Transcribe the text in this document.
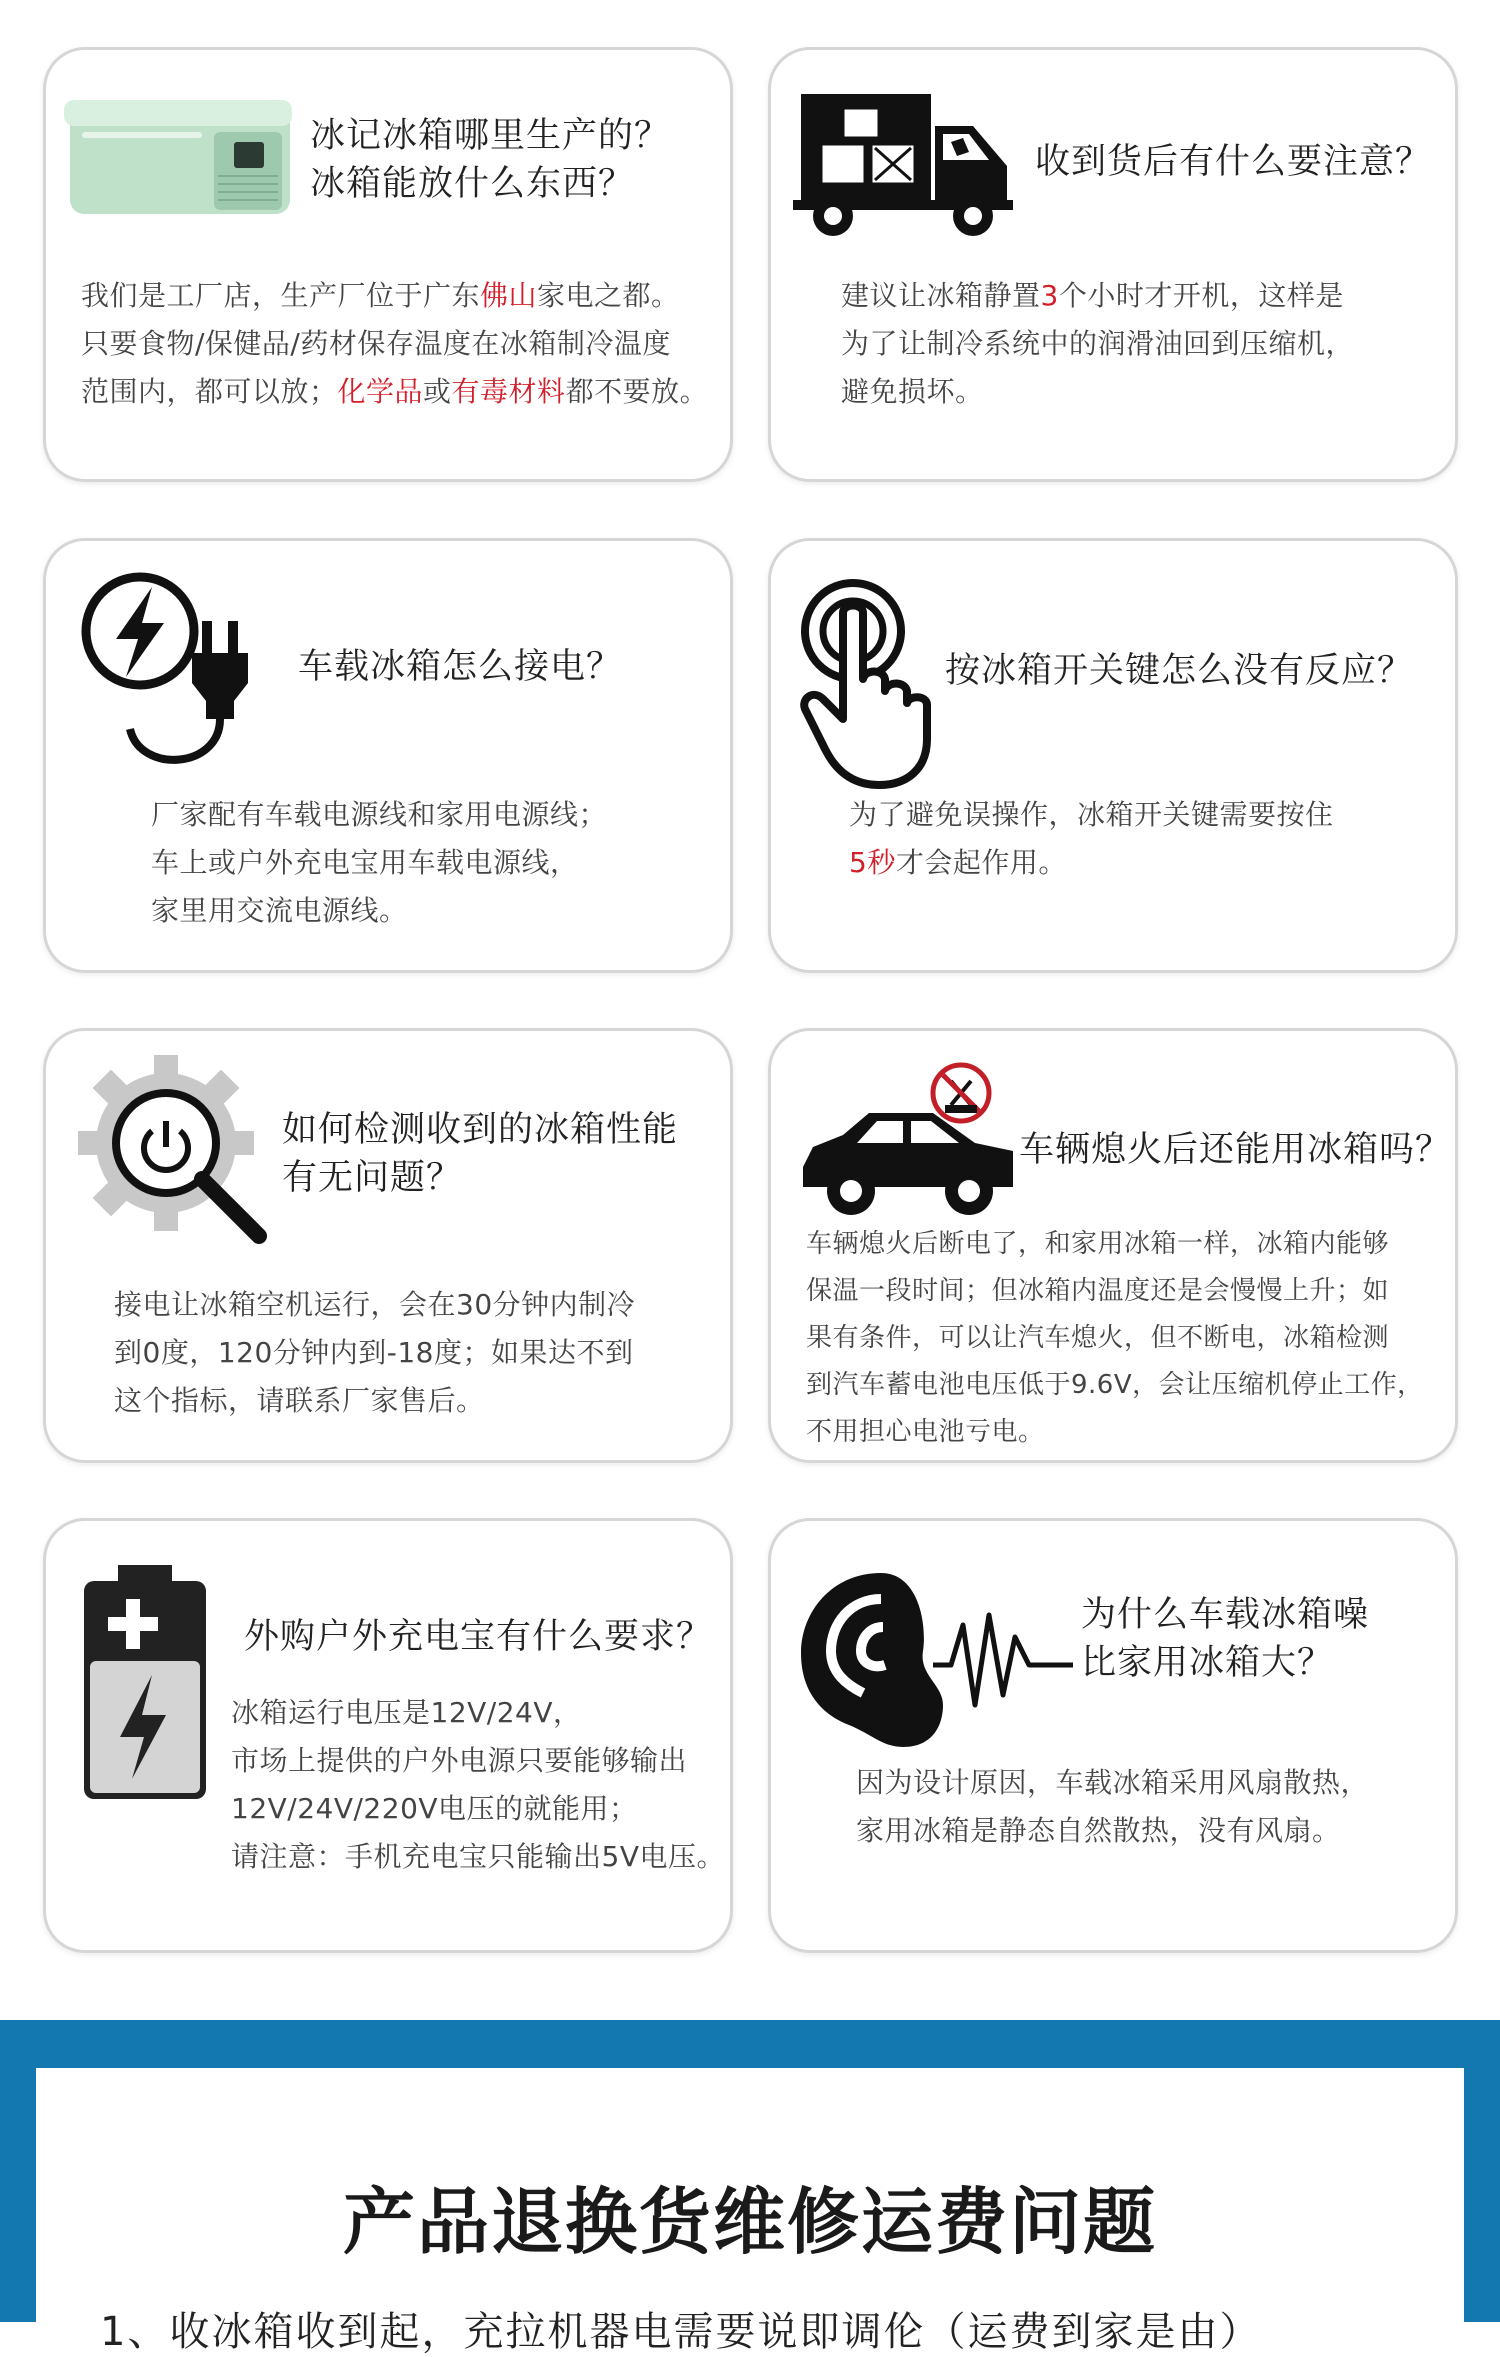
冰记冰箱哪里生产的？
冰箱能放什么东西？
我们是工厂店，生产厂位于广东佛山家电之都。
只要食物/保健品/药材保存温度在冰箱制冷温度
范围内，都可以放；化学品或有毒材料都不要放。
收到货后有什么要注意？
建议让冰箱静置3个小时才开机，这样是
为了让制冷系统中的润滑油回到压缩机，
避免损坏。
车载冰箱怎么接电？
厂家配有车载电源线和家用电源线；
车上或户外充电宝用车载电源线，
家里用交流电源线。
按冰箱开关键怎么没有反应？
为了避免误操作，冰箱开关键需要按住
5秒才会起作用。
如何检测收到的冰箱性能
有无问题？
接电让冰箱空机运行，会在30分钟内制冷
到0度，120分钟内到-18度；如果达不到
这个指标，请联系厂家售后。
车辆熄火后还能用冰箱吗？
车辆熄火后断电了，和家用冰箱一样，冰箱内能够
保温一段时间；但冰箱内温度还是会慢慢上升；如
果有条件，可以让汽车熄火，但不断电，冰箱检测
到汽车蓄电池电压低于9.6V，会让压缩机停止工作，
不用担心电池亏电。
外购户外充电宝有什么要求？
冰箱运行电压是12V/24V，
市场上提供的户外电源只要能够输出
12V/24V/220V电压的就能用；
请注意：手机充电宝只能输出5V电压。
为什么车载冰箱噪
比家用冰箱大？
因为设计原因，车载冰箱采用风扇散热，
家用冰箱是静态自然散热，没有风扇。
产品退换货维修运费问题
1、收冰箱收到起，充拉机器电需要说即调伦（运费到家是由）
